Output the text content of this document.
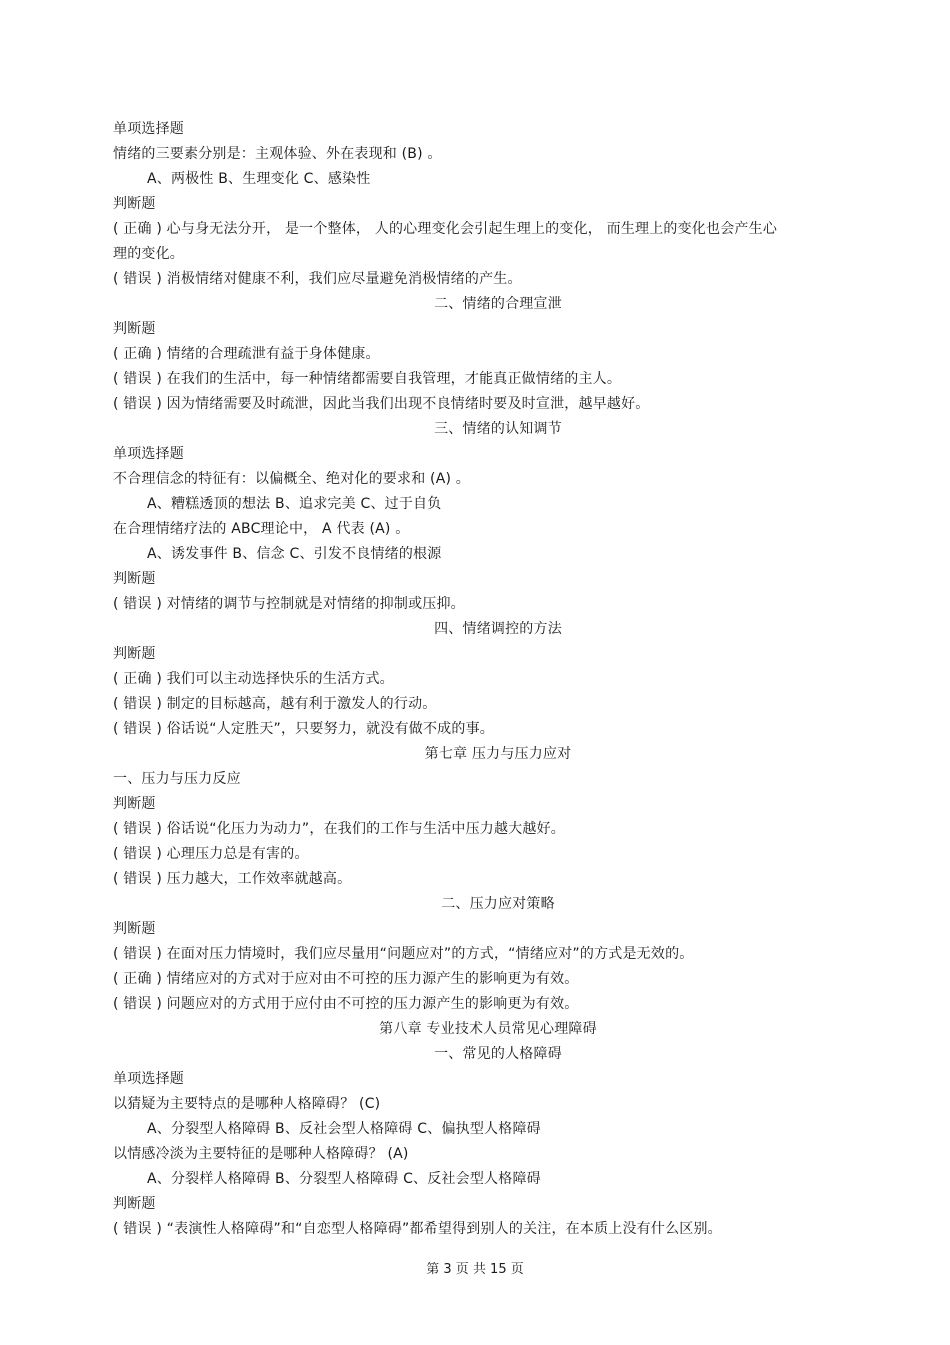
单项选择题
情绪的三要素分别是：主观体验、外在表现和 (B) 。
A、两极性 B、生理变化 C、感染性
判断题
( 正确 ) 心与身无法分开， 是一个整体， 人的心理变化会引起生理上的变化， 而生理上的变化也会产生心
理的变化。
( 错误 ) 消极情绪对健康不利，我们应尽量避免消极情绪的产生。
二、情绪的合理宣泄
判断题
( 正确 ) 情绪的合理疏泄有益于身体健康。
( 错误 ) 在我们的生活中，每一种情绪都需要自我管理，才能真正做情绪的主人。
( 错误 ) 因为情绪需要及时疏泄，因此当我们出现不良情绪时要及时宣泄，越早越好。
三、情绪的认知调节
单项选择题
不合理信念的特征有：以偏概全、绝对化的要求和 (A) 。
A、糟糕透顶的想法 B、追求完美 C、过于自负
在合理情绪疗法的 ABC理论中， A 代表 (A) 。
A、诱发事件 B、信念 C、引发不良情绪的根源
判断题
( 错误 ) 对情绪的调节与控制就是对情绪的抑制或压抑。
四、情绪调控的方法
判断题
( 正确 ) 我们可以主动选择快乐的生活方式。
( 错误 ) 制定的目标越高，越有利于激发人的行动。
( 错误 ) 俗话说“人定胜天”，只要努力，就没有做不成的事。
第七章 压力与压力应对
一、压力与压力反应
判断题
( 错误 ) 俗话说“化压力为动力”，在我们的工作与生活中压力越大越好。
( 错误 ) 心理压力总是有害的。
( 错误 ) 压力越大，工作效率就越高。
二、压力应对策略
判断题
( 错误 ) 在面对压力情境时，我们应尽量用“问题应对”的方式，“情绪应对”的方式是无效的。
( 正确 ) 情绪应对的方式对于应对由不可控的压力源产生的影响更为有效。
( 错误 ) 问题应对的方式用于应付由不可控的压力源产生的影响更为有效。
第八章 专业技术人员常见心理障碍
一、常见的人格障碍
单项选择题
以猜疑为主要特点的是哪种人格障碍？ (C)
A、分裂型人格障碍 B、反社会型人格障碍 C、偏执型人格障碍
以情感冷淡为主要特征的是哪种人格障碍？ (A)
A、分裂样人格障碍 B、分裂型人格障碍 C、反社会型人格障碍
判断题
( 错误 ) “表演性人格障碍”和“自恋型人格障碍”都希望得到别人的关注，在本质上没有什么区别。
第 3 页 共 15 页
